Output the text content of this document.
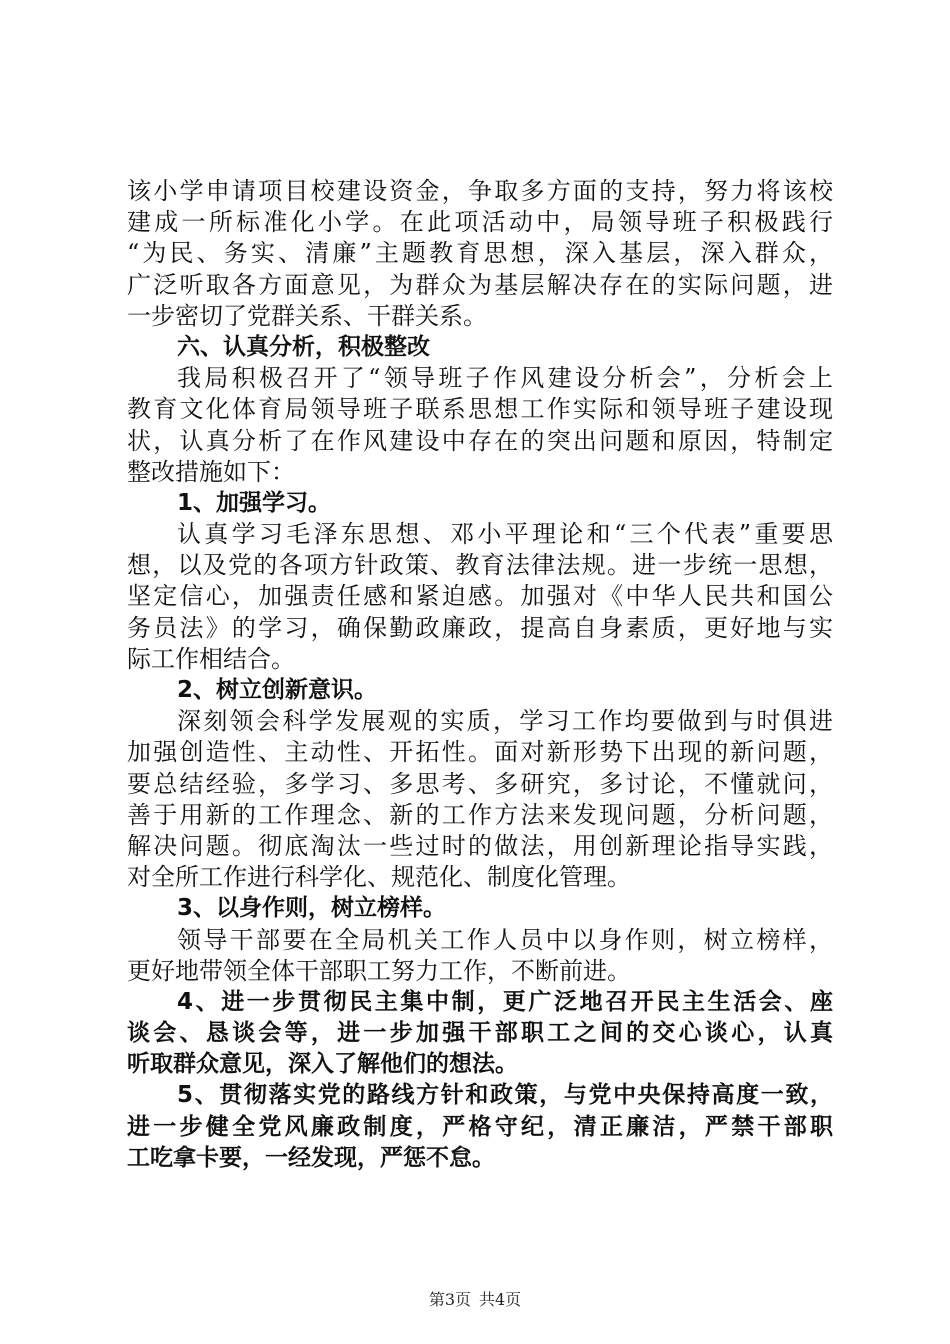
该小学申请项目校建设资金，争取多方面的支持，努力将该校
建成一所标准化小学。在此项活动中，局领导班子积极践行
“为民、务实、清廉”主题教育思想，深入基层，深入群众，
广泛听取各方面意见，为群众为基层解决存在的实际问题，进
一步密切了党群关系、干群关系。
六、认真分析，积极整改
我局积极召开了“领导班子作风建设分析会”，分析会上
教育文化体育局领导班子联系思想工作实际和领导班子建设现
状，认真分析了在作风建设中存在的突出问题和原因，特制定
整改措施如下：
1、加强学习。
认真学习毛泽东思想、邓小平理论和“三个代表”重要思
想，以及党的各项方针政策、教育法律法规。进一步统一思想，
坚定信心，加强责任感和紧迫感。加强对《中华人民共和国公
务员法》的学习，确保勤政廉政，提高自身素质，更好地与实
际工作相结合。
2、树立创新意识。
深刻领会科学发展观的实质，学习工作均要做到与时俱进
加强创造性、主动性、开拓性。面对新形势下出现的新问题，
要总结经验，多学习、多思考、多研究，多讨论，不懂就问，
善于用新的工作理念、新的工作方法来发现问题，分析问题，
解决问题。彻底淘汰一些过时的做法，用创新理论指导实践，
对全所工作进行科学化、规范化、制度化管理。
3、以身作则，树立榜样。
领导干部要在全局机关工作人员中以身作则，树立榜样，
更好地带领全体干部职工努力工作，不断前进。
4、进一步贯彻民主集中制，更广泛地召开民主生活会、座
谈会、恳谈会等，进一步加强干部职工之间的交心谈心，认真
听取群众意见，深入了解他们的想法。
5、贯彻落实党的路线方针和政策，与党中央保持高度一致，
进一步健全党风廉政制度，严格守纪，清正廉洁，严禁干部职
工吃拿卡要，一经发现，严惩不怠。
第3页 共4页
